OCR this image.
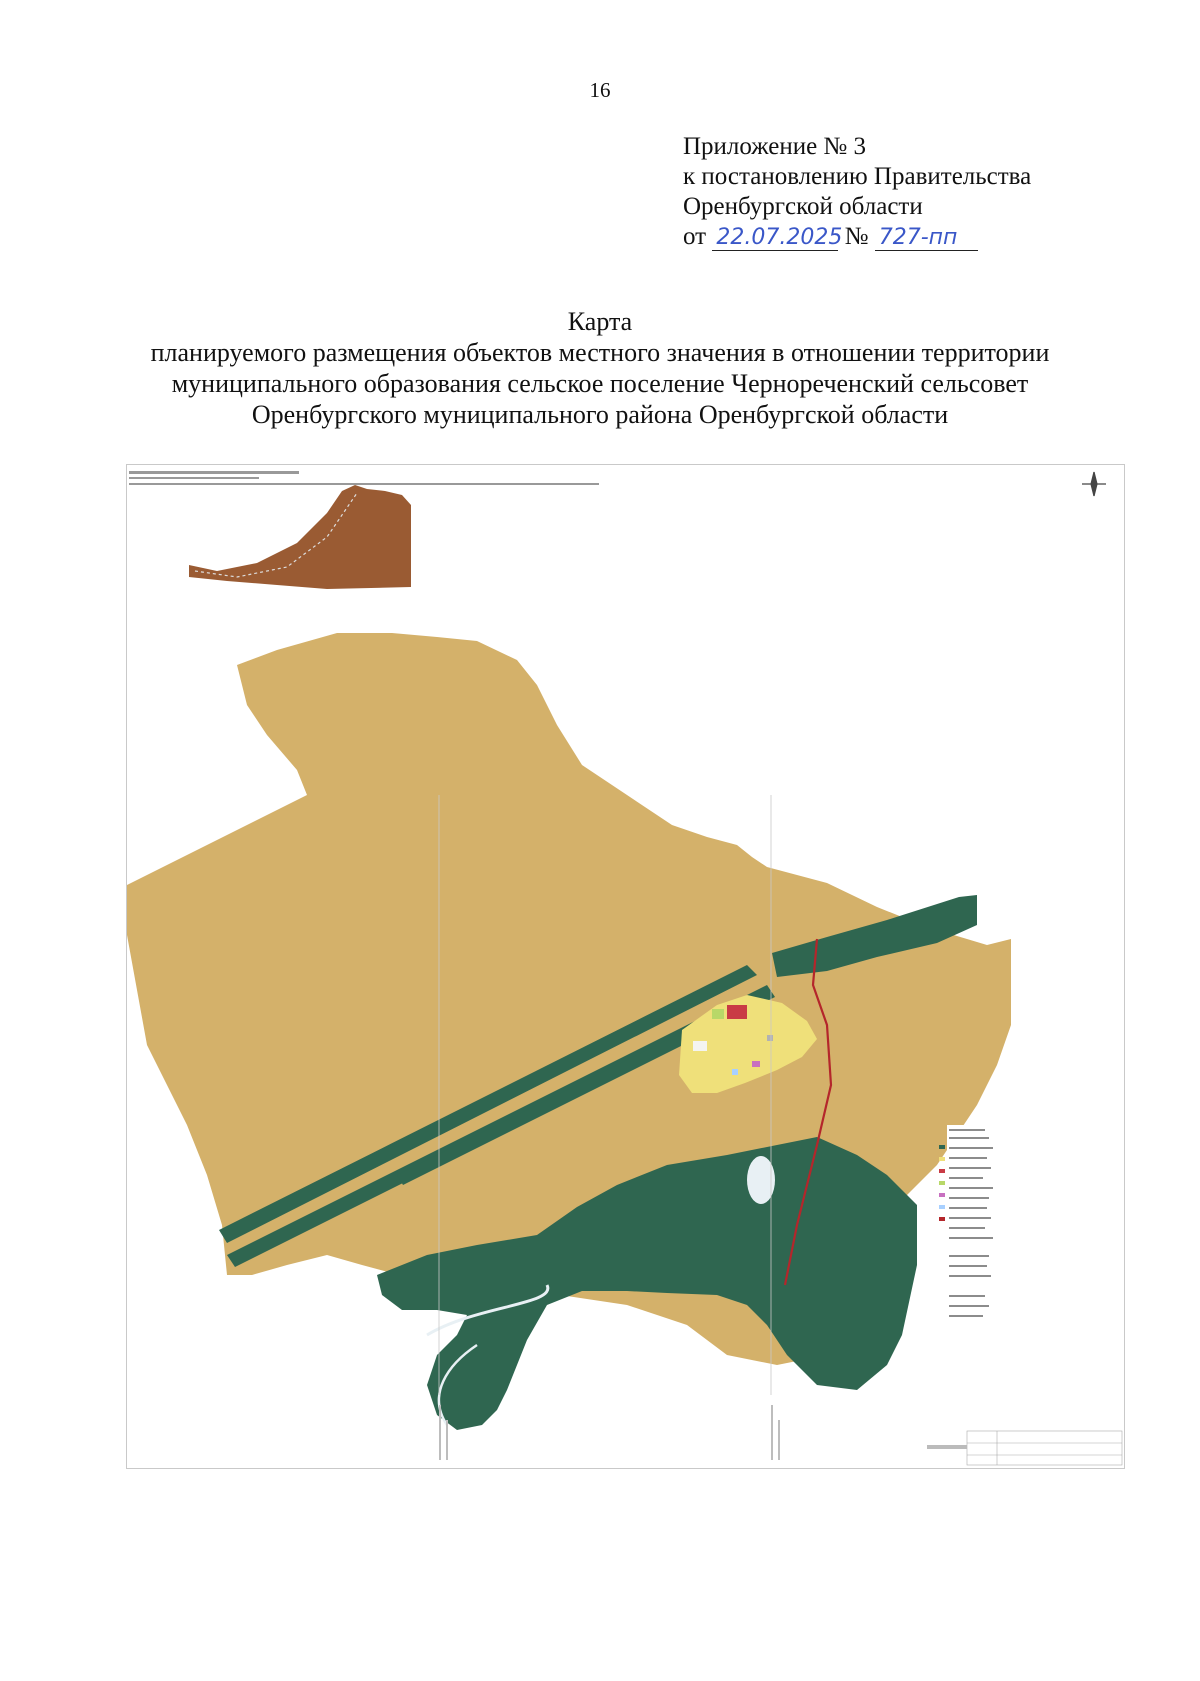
16
Приложение № 3
к постановлению Правительства
Оренбургской области
от 22.07.2025 № 727-пп
Карта
планируемого размещения объектов местного значения в отношении территории
муниципального образования сельское поселение Чернореченский сельсовет
Оренбургского муниципального района Оренбургской области
